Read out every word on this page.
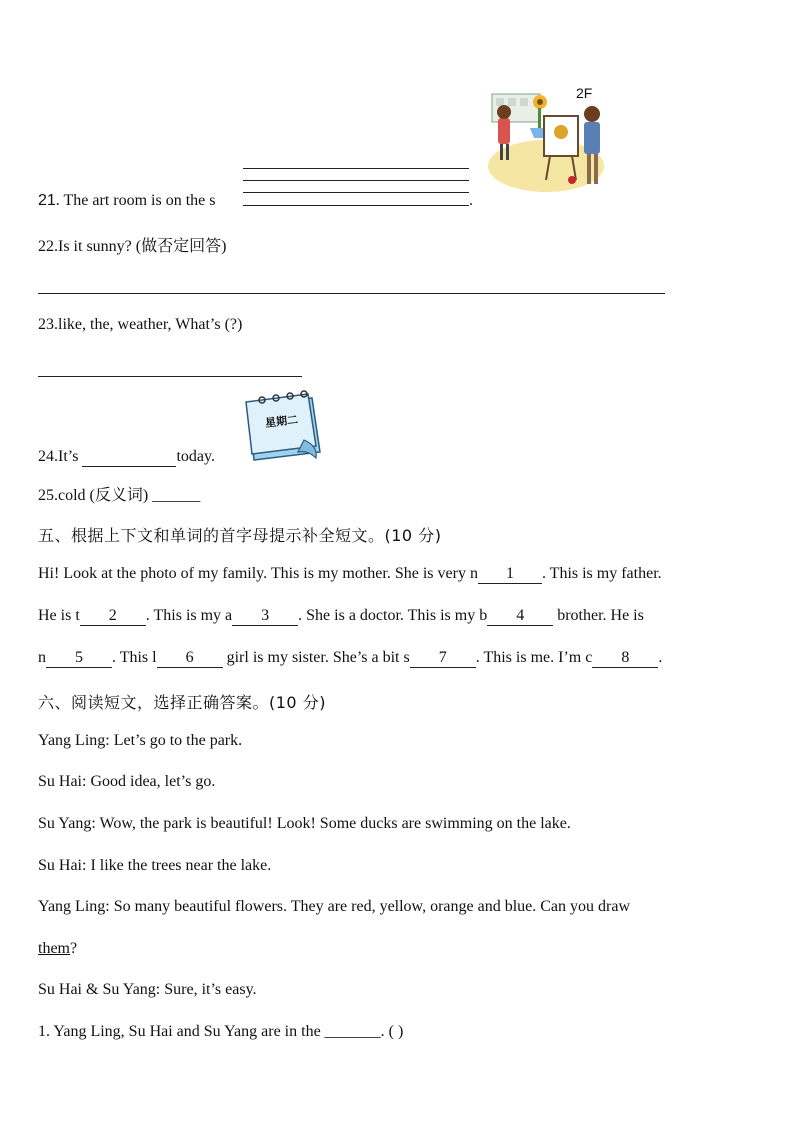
2F
21. The art room is on the s	.
22.Is it sunny? (做否定回答)
23.like, the, weather, What’s (?)
星期二
24.It’s	today.
25.cold (反义词) ______
五、根据上下文和单词的首字母提示补全短文。(10 分)
Hi! Look at the photo of my family. This is my mother. She is very n 1 . This is my father.
He is t 2 . This is my a 3 . She is a doctor. This is my b 4 brother. He is
n 5 . This l 6 girl is my sister. She’s a bit s 7 . This is me. I’m c 8 .
六、阅读短文，选择正确答案。(10 分)
Yang Ling: Let’s go to the park.
Su Hai: Good idea, let’s go.
Su Yang: Wow, the park is beautiful! Look! Some ducks are swimming on the lake.
Su Hai: I like the trees near the lake.
Yang Ling: So many beautiful flowers. They are red, yellow, orange and blue. Can you draw
them?
Su Hai & Su Yang: Sure, it’s easy.
1. Yang Ling, Su Hai and Su Yang are in the _______. ( )
